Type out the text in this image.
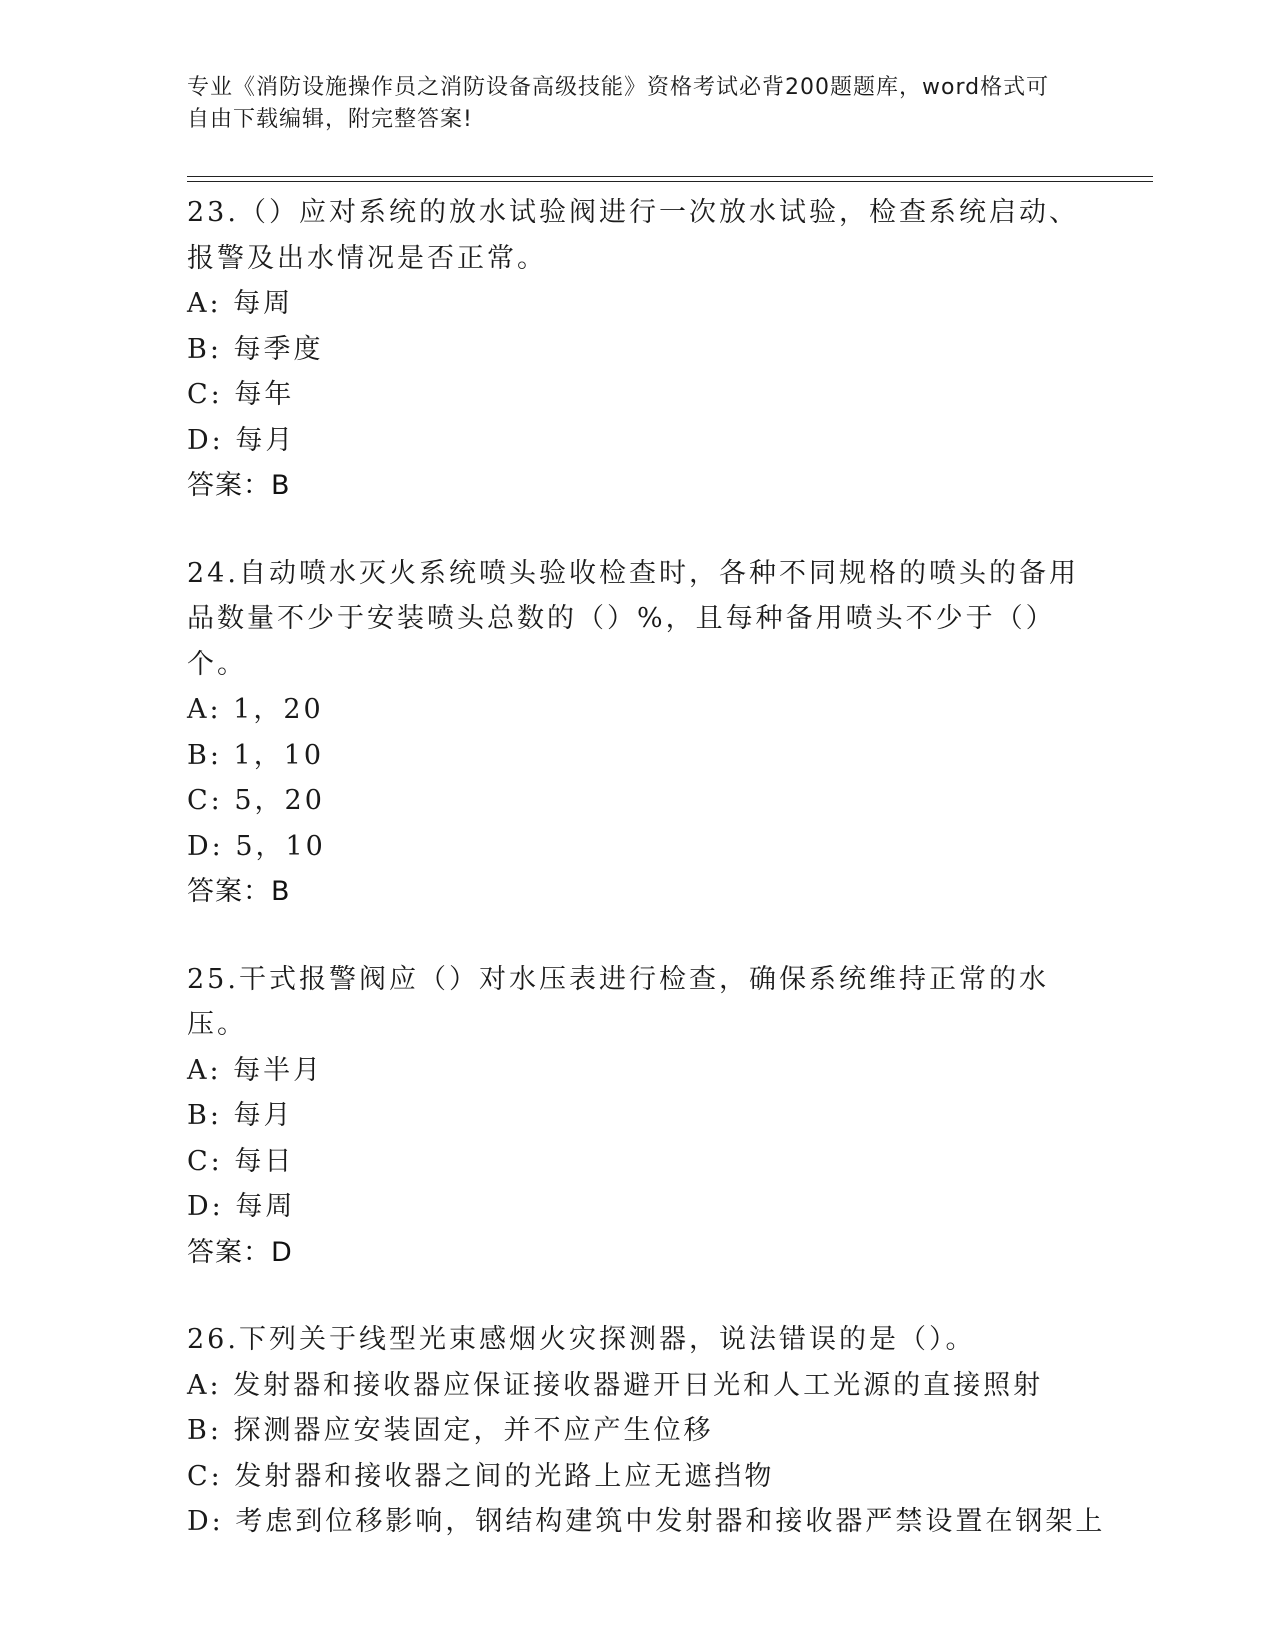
专业《消防设施操作员之消防设备高级技能》资格考试必背200题题库，word格式可自由下载编辑，附完整答案!
23.（）应对系统的放水试验阀进行一次放水试验，检查系统启动、报警及出水情况是否正常。
A: 每周
B: 每季度
C: 每年
D: 每月
答案：B
24.自动喷水灭火系统喷头验收检查时，各种不同规格的喷头的备用品数量不少于安装喷头总数的（）%，且每种备用喷头不少于（）个。
A: 1，20
B: 1，10
C: 5，20
D: 5，10
答案：B
25.干式报警阀应（）对水压表进行检查，确保系统维持正常的水压。
A: 每半月
B: 每月
C: 每日
D: 每周
答案：D
26.下列关于线型光束感烟火灾探测器，说法错误的是（）。
A: 发射器和接收器应保证接收器避开日光和人工光源的直接照射
B: 探测器应安装固定，并不应产生位移
C: 发射器和接收器之间的光路上应无遮挡物
D: 考虑到位移影响，钢结构建筑中发射器和接收器严禁设置在钢架上
